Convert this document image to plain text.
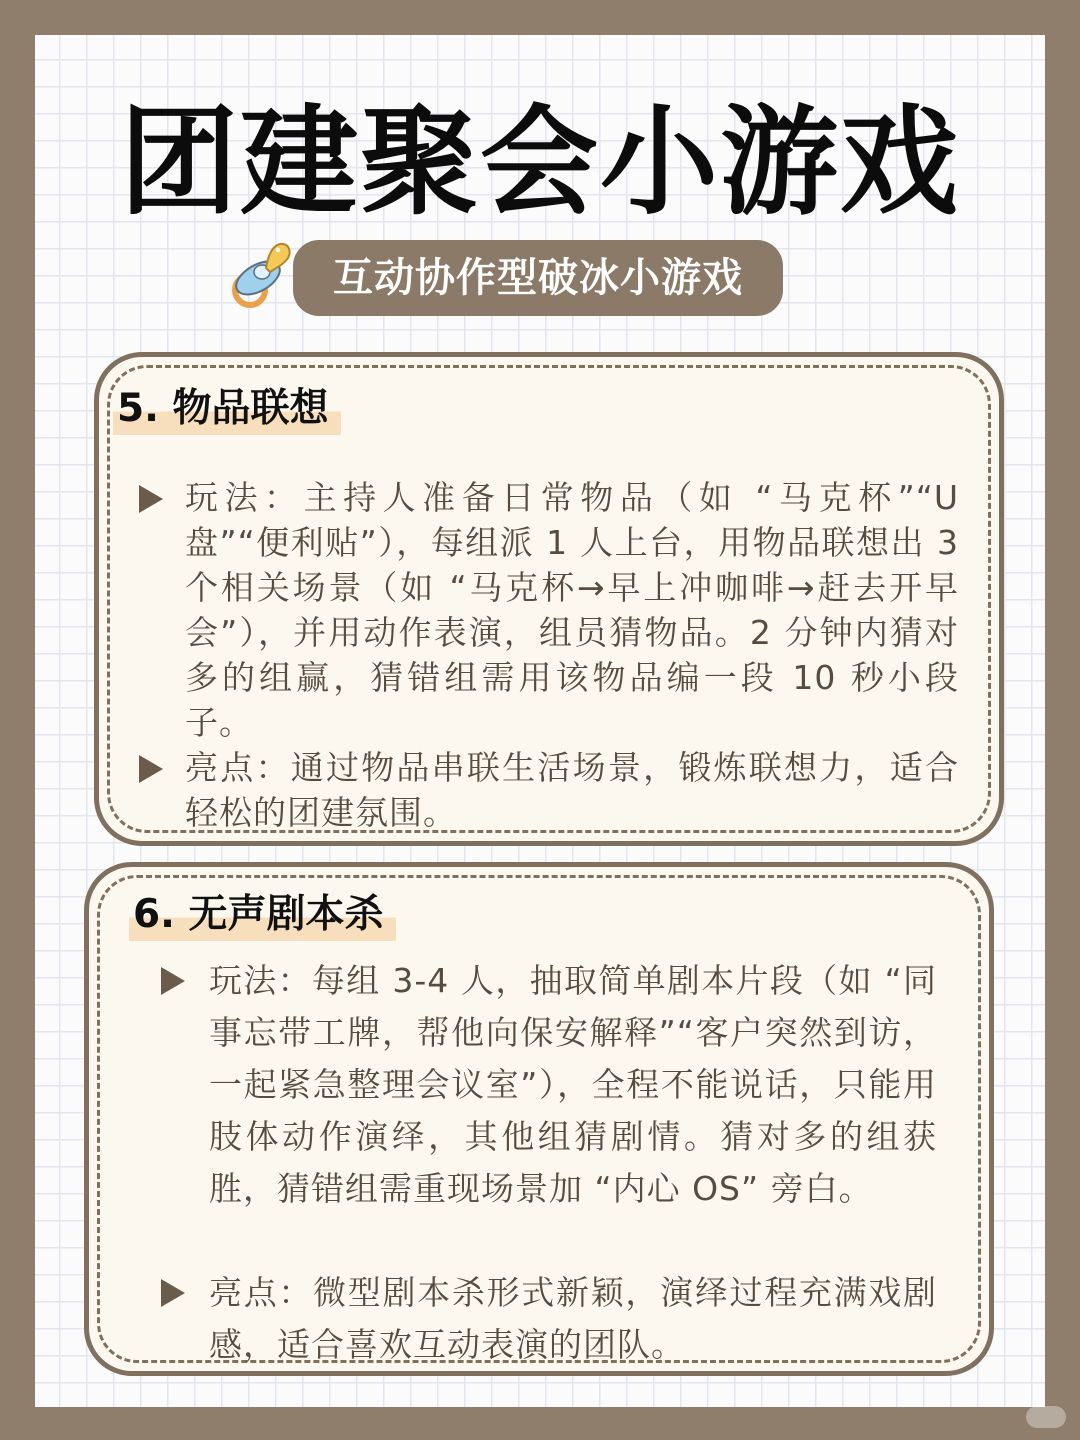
团建聚会小游戏
互动协作型破冰小游戏
5. 物品联想
玩法：主持人准备日常物品（如 “马克杯”“U 盘”“便利贴”），每组派 1 人上台，用物品联想出 3 个相关场景（如 “马克杯→早上冲咖啡→赶去开早会”），并用动作表演，组员猜物品。2 分钟内猜对多的组赢，猜错组需用该物品编一段 10 秒小段子。
亮点：通过物品串联生活场景，锻炼联想力，适合轻松的团建氛围。
6. 无声剧本杀
玩法：每组 3-4 人，抽取简单剧本片段（如 “同事忘带工牌，帮他向保安解释”“客户突然到访，一起紧急整理会议室”），全程不能说话，只能用肢体动作演绎，其他组猜剧情。猜对多的组获胜，猜错组需重现场景加 “内心 OS” 旁白。
亮点：微型剧本杀形式新颖，演绎过程充满戏剧感，适合喜欢互动表演的团队。
